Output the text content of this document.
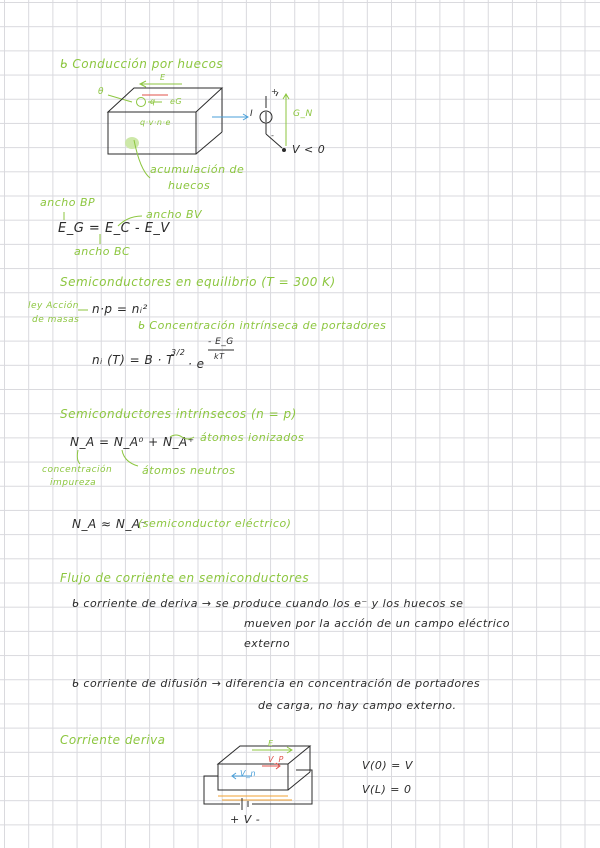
ᑲ Conducción por huecos
E
θ
q eG
q·v·n·e
I	G_N
+
-
V < 0
acumulación de
huecos
ancho BP
E_G = E_C - E_V
ancho BV
ancho BC
Semiconductores en equilibrio (T = 300 K)
ley Acción
de masas
n·p = nᵢ²
ᑲ Concentración intrínseca de portadores
nᵢ (T) = B · T
3/2
· e
- E_G
kT
Semiconductores intrínsecos (n = p)
N_A = N_A⁰ + N_A⁺ átomos ionizados
concentración
impureza
átomos neutros
N_A ≈ N_A⁻
(semiconductor eléctrico)
Flujo de corriente en semiconductores
ᑲ corriente de deriva → se produce cuando los e⁻ y los huecos se
mueven por la acción de un campo eléctrico
externo
ᑲ corriente de difusión → diferencia en concentración de portadores
de carga, no hay campo externo.
Corriente deriva	E
V_P
V_n
V(0) = V
V(L) = 0
+ V -
